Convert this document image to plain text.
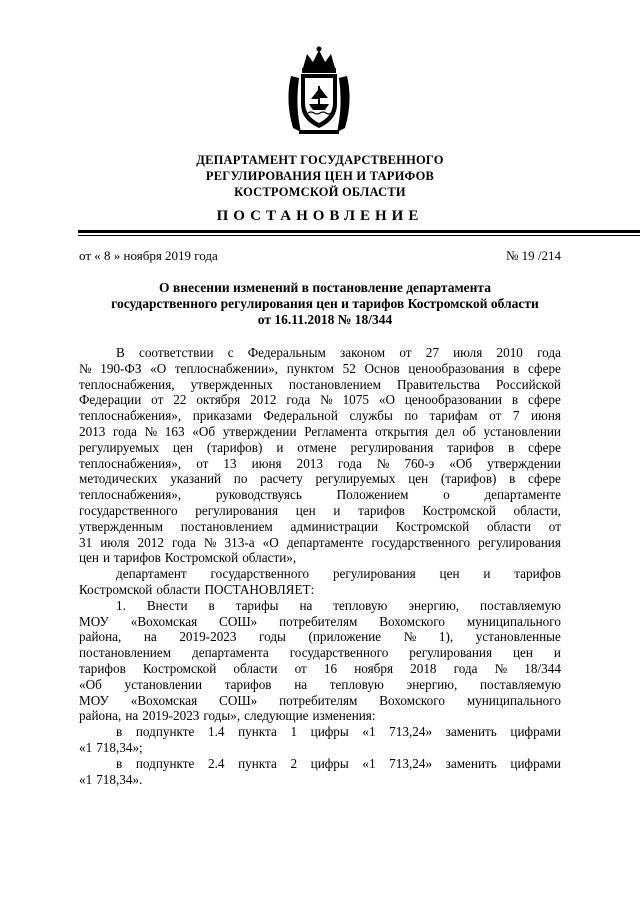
ДЕПАРТАМЕНТ ГОСУДАРСТВЕННОГО
РЕГУЛИРОВАНИЯ ЦЕН И ТАРИФОВ
КОСТРОМСКОЙ ОБЛАСТИ
ПОСТАНОВЛЕНИЕ
от « 8 » ноября 2019 года	№ 19 /214
О внесении изменений в постановление департамента
государственного регулирования цен и тарифов Костромской области
от 16.11.2018 № 18/344
В соответствии с Федеральным законом от 27 июля 2010 года
№ 190-ФЗ «О теплоснабжении», пунктом 52 Основ ценообразования в сфере
теплоснабжения, утвержденных постановлением Правительства Российской
Федерации от 22 октября 2012 года № 1075 «О ценообразовании в сфере
теплоснабжения», приказами Федеральной службы по тарифам от 7 июня
2013 года № 163 «Об утверждении Регламента открытия дел об установлении
регулируемых цен (тарифов) и отмене регулирования тарифов в сфере
теплоснабжения», от 13 июня 2013 года № 760-э «Об утверждении
методических указаний по расчету регулируемых цен (тарифов) в сфере
теплоснабжения»,	руководствуясь	Положением	о	департаменте
государственного регулирования цен и тарифов Костромской области,
утвержденным постановлением администрации Костромской области от
31 июля 2012 года № 313-а «О департаменте государственного регулирования
цен и тарифов Костромской области»,
департамент государственного регулирования цен и тарифов
Костромской области ПОСТАНОВЛЯЕТ:
1. Внести в тарифы на тепловую энергию, поставляемую
МОУ «Вохомская СОШ» потребителям Вохомского муниципального
района, на 2019-2023 годы (приложение № 1), установленные
постановлением департамента государственного регулирования цен и
тарифов Костромской области от 16 ноября 2018 года № 18/344
«Об установлении тарифов на тепловую энергию, поставляемую
МОУ «Вохомская СОШ» потребителям Вохомского муниципального
района, на 2019-2023 годы», следующие изменения:
в подпункте 1.4 пункта 1 цифры «1 713,24» заменить цифрами
«1 718,34»;
в подпункте 2.4 пункта 2 цифры «1 713,24» заменить цифрами
«1 718,34».
